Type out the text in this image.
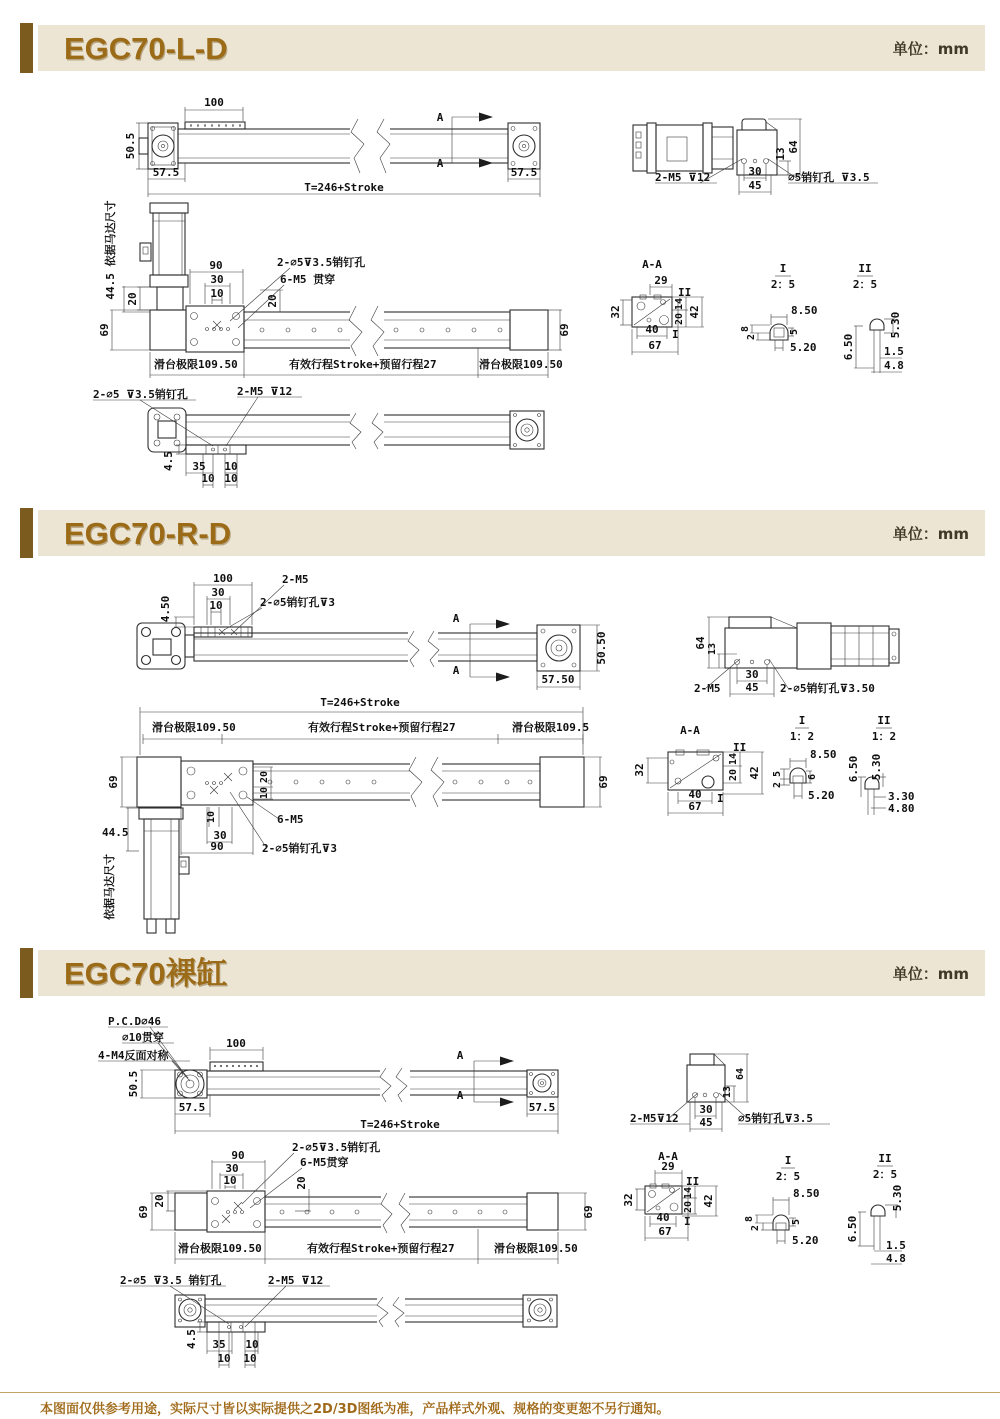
EGC70-L-D	单位：mm
100
50.5
57.5	57.5
T=246+Stroke
A
A
13
64
30
45
2-M5 ⊽12	∅5销钉孔 ⊽3.5
90
30
10
20
20
44.5 依据马达尺寸
69	69
2-∅5⊽3.5销钉孔
6-M5 贯穿
滑台极限109.50	有效行程Stroke+预留行程27	滑台极限109.50
A-A
29
II
32
40 I
67
14
20
42
I
2：5
8.50
8
2
5
5.20
II
2：5
5.30
6.50	1.5
4.8
2-∅5 ⊽3.5销钉孔	2-M5 ⊽12
4.5 35 10
10 10
EGC70-R-D	单位：mm
100
30
10
4.50
2-M5
2-∅5销钉孔⊽3
A
A
50.50
57.50
64 13
30
45
2-M5	2-∅5销钉孔⊽3.50
T=246+Stroke
滑台极限109.50	有效行程Stroke+预留行程27	滑台极限109.5
69	69
44.5
依据马达尺寸
10
30
90
20
10
6-M5
2-∅5销钉孔⊽3
A-A
II
32
40 I
67
14
20 42
I
1：2
8.50
5
2
6
5.20
II
1：2
6.50 5.30
3.30
4.80
EGC70裸缸	单位：mm
P.C.D∅46
∅10贯穿
4-M4反面对称
100
50.5
57.5	57.5
T=246+Stroke
A
A	13
64
30
45
2-M5⊽12	∅5销钉孔⊽3.5
2-∅5⊽3.5销钉孔
6-M5贯穿
90
30
10	20
20
69	69
滑台极限109.50	有效行程Stroke+预留行程27	滑台极限109.50
A-A
29
II
32
40 I
67
14
20 42
I
2：5
8.50
8
2
5
5.20
II
2：5
5.30
6.50
1.5
4.8
2-∅5 ⊽3.5 销钉孔	2-M5 ⊽12
4.5 35 10
10 10
本图面仅供参考用途，实际尺寸皆以实际提供之2D/3D图纸为准，产品样式外观、规格的变更恕不另行通知。
